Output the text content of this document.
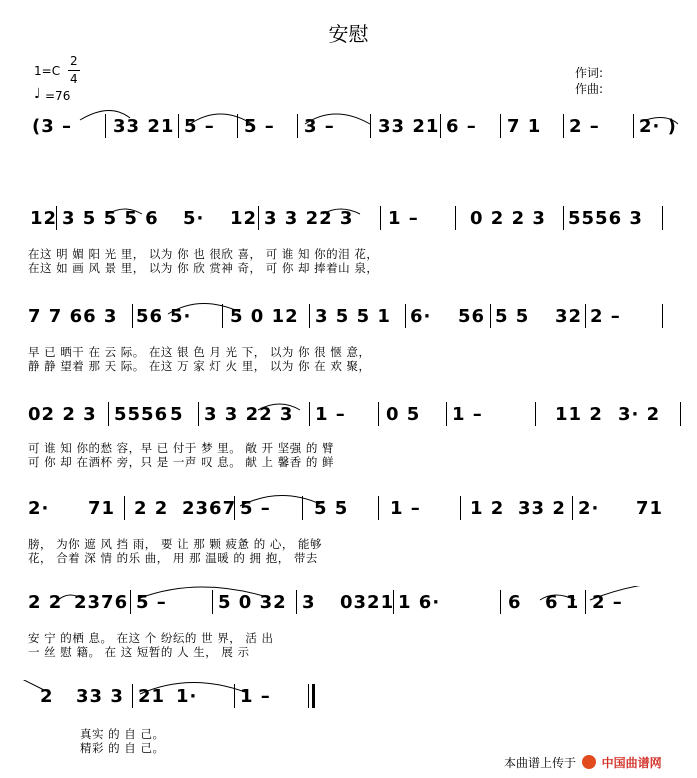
安慰
1=C
2
4
♩ =76
作词:
作曲:
(3 – 33 21 5 – 5 – 3 – 33 21 6 – 7 1 2 – 2· )
12 3 5 5 5 6 5· 12 3 3 22 3 1 –	0 2 2 3 5556 3
在这 明 媚 阳 光 里， 以为 你 也 很欣 喜， 可 谁 知 你的泪 花，
在这 如 画 风 景 里， 以为 你 欣 赏神 奇， 可 你 却 捧着山 泉，
7 7 66 3 56 5· 5 0 12 3 5 5 1 6· 56 5 5 32 2 –
早 已 晒干 在 云 际。 在这 银 色 月 光 下， 以为 你 很 惬 意，
静 静 望着 那 天 际。 在这 万 家 灯 火 里， 以为 你 在 欢 聚，
02 2 3 5556 5 3 3 22 3 1 – 0 5 1 –	11 2 3· 2
可 谁 知 你的愁 容，早 已 付于 梦 里。 敞 开 坚强 的 臂
可 你 却 在酒杯 旁，只 是 一声 叹 息。 献 上 馨香 的 鲜
2· 71 2 2 2367 5 – 5 5 1 –	1 2 33 2 2· 71
膀， 为你 遮 风 挡 雨， 要 让 那 颗 疲惫 的 心， 能够
花， 合着 深 情 的乐 曲， 用 那 温暖 的 拥 抱， 带去
2 2 2376 5 –	5 0 32 3 0321 1 6·	6 6 1 2 –
安 宁 的栖 息。 在这 个 纷纭的 世 界， 活 出
一 丝 慰 籍。 在 这 短暂的 人 生， 展 示
2 33 3 21 1· 1 –
真实 的 自 己。
精彩 的 自 己。
本曲谱上传于 中国曲谱网
